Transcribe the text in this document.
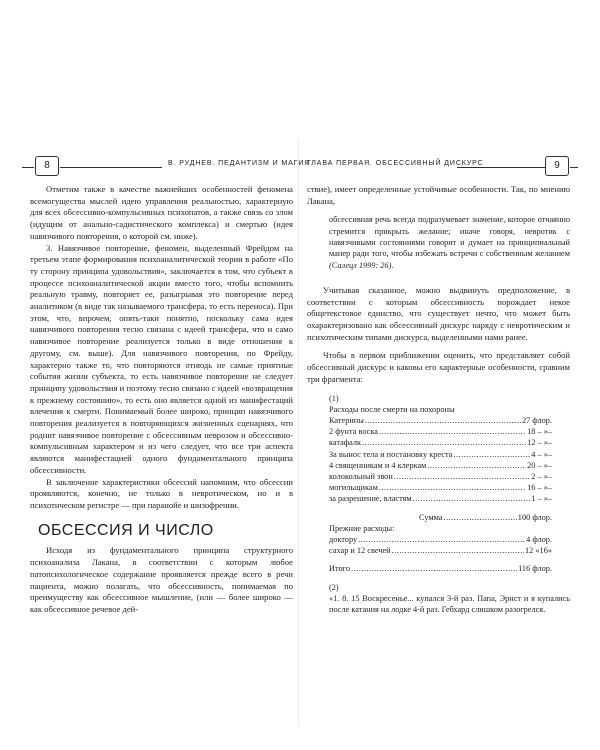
8	В. РУДНЕВ. ПЕДАНТИЗМ И МАГИЯ
ГЛАВА ПЕРВАЯ. ОБСЕССИВНЫЙ ДИСКУРС	9

Отметим также в качестве важнейших особенностей феномена всемогущества мыслей идею управления реальностью, характерную для всех обсессивно-компульсивных психопатов, а также связь со злом (идущим от анально-садистического комплекса) и смертью (идея навязчивого повторения, о которой см. ниже).

3. Навязчивое повторение, феномен, выделенный Фрейдом на третьем этапе формирования психоаналитической теории в работе «По ту сторону принципа удовольствия», заключается в том, что субъект в процессе психоаналитической акции вместо того, чтобы вспомнить реальную травму, повторяет ее, разыгрывая это повторение перед аналитиком (в виде так называемого трансфера, то есть переноса). При этом, что, впрочем, опять-таки понятно, поскольку сама идея навязчивого повторения тесно связана с идеей трансфера, что и само навязчивое повторение реализуется только в виде отношения к другому, см. выше). Для навязчивого повторения, по Фрейду, характерно также то, что повторяются отнюдь не самые приятные события жизни субъекта, то есть навязчивое повторение не следует принципу удовольствия и поэтому тесно связано с идеей «возвращения к прежнему состоянию», то есть оно является одной из манифестаций влечения к смерти. Понимаемый более широко, принцип навязчивого повторения реализуется в повторяющихся жизненных сценариях, что роднит навязчивое повторение с обсессивным неврозом и обсессивно-компульсивным характером и из чего следует, что все три аспекта являются манифестацией одного фундаментального принципа обсессивности.

В заключение характеристики обсессий напомним, что обсессии проявляются, конечно, не только в невротическом, но и в психотическом регистре — при паранойе и шизофрении.

ОБСЕССИЯ И ЧИСЛО

Исходя из фундаментального принципа структурного психоанализа Лакана, в соответствии с которым любое патопсихологическое содержание проявляется прежде всего в речи пациента, можно полагать, что обсессивность, понимаемая по преимуществу как обсессивное мышление, (или — более широко — как обсессивное речевое дей-

ствие), имеет определенные устойчивые особенности. Так, по мнению Лакана,

обсессивная речь всегда подразумевает значение, которое отчаянно стремится прикрыть желание; иначе говоря, невротик с навязчивыми состояниями говорит и думает на принципиальный манер ради того, чтобы избежать встречи с собственным желанием (Салецл 1999: 26).

Учитывая сказанное, можно выдвинуть предположение, в соответствии с которым обсессивность порождает некое общетекстовое единство, что существует нечто, что может быть охарактеризовано как обсессивный дискурс наряду с невротическим и психотическим типами дискурса, выделенными нами ранее.

Чтобы в первом приближении оценить, что представляет собой обсессивный дискурс и каковы его характерные особенности, сравним три фрагмента:

(1)
Расходы после смерти на похороны
Катерины .....	27 флор.
2 фунта воска .....	18 – »–
катафалк .....	12 – »–
За вынос тела и постановку креста .....	4 – »–
4 священникам и 4 клеркам .....	20 – »–
колокольный звон .....	2 – »–
могильщикам .....	16 – »–
за разрешение, властям .....	1 – »–
Сумма .....	100 флор.
Прежние расходы:
доктору .....	4 флор.
сахар и 12 свечей .....	12 «16»
Итого .....	116 флор.
(2)

«1. 8. 15 Воскресенье... купался 3-й раз. Папа, Эрнст и я купались после катания на лодке 4-й раз. Гебхард слишком разогрелся.
